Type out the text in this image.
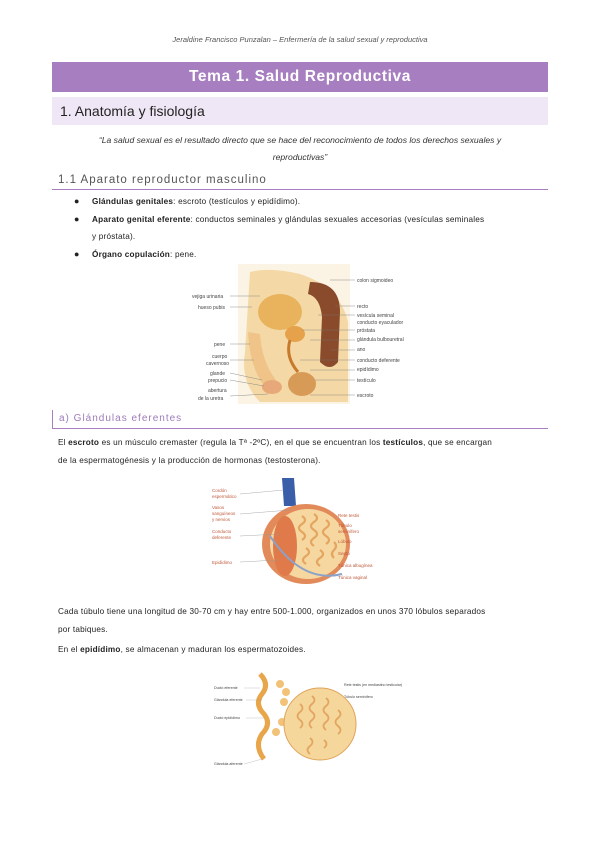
Jeraldine Francisco Punzalan – Enfermería de la salud sexual y reproductiva
Tema 1. Salud Reproductiva
1. Anatomía y fisiología
“La salud sexual es el resultado directo que se hace del reconocimiento de todos los derechos sexuales y
reproductivas”
1.1 Aparato reproductor masculino
● Glándulas genitales: escroto (testículos y epidídimo).
● Aparato genital eferente: conductos seminales y glándulas sexuales accesorias (vesículas seminales
y próstata).
● Órgano copulación: pene.
vejiga urinaria
hueso pubis
pene
cuerpo
cavernoso
glande
prepucio
abertura
de la uretra
colon sigmoideo
recto
vesícula seminal
conducto eyaculador
próstata
glándula bulbouretral
ano
conducto deferente
epidídimo
testículo
escroto
a) Glándulas eferentes
El escroto es un músculo cremaster (regula la Tª -2ºC), en el que se encuentran los testículos, que se encargan
de la espermatogénesis y la producción de hormonas (testosterona).
Cordón
espermático
Vasos
sanguíneos
y nervios
Conducto
deferente
Epidídimo
Rete testis
Túbulo
seminífero
Lóbulo
Septo
Túnica albugínea
Túnica vaginal
Cada túbulo tiene una longitud de 30-70 cm y hay entre 500-1.000, organizados en unos 370 lóbulos separados
por tabiques.
En el epidídimo, se almacenan y maduran los espermatozoides.
Ductó eferente
Glándula eferente
Ductó epidídimo
Glándula aferente
Rete testis (en mediastino testicular)
Túbulo seminífero
